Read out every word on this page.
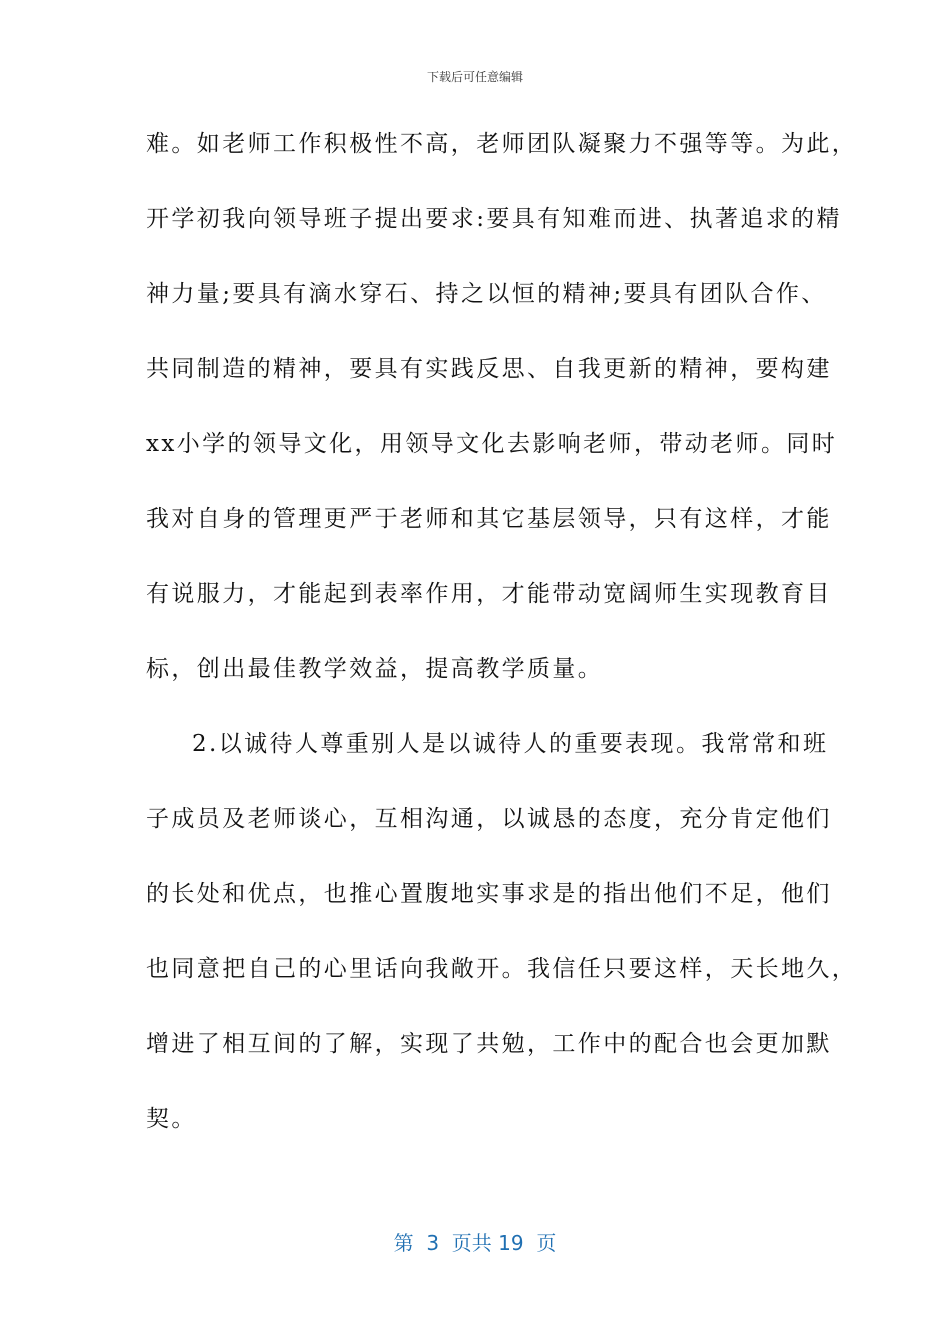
下载后可任意编辑
难。如老师工作积极性不高，老师团队凝聚力不强等等。为此，
开学初我向领导班子提出要求:要具有知难而进、执著追求的精
神力量;要具有滴水穿石、持之以恒的精神;要具有团队合作、
共同制造的精神，要具有实践反思、自我更新的精神，要构建
xx小学的领导文化，用领导文化去影响老师，带动老师。同时
我对自身的管理更严于老师和其它基层领导，只有这样，才能
有说服力，才能起到表率作用，才能带动宽阔师生实现教育目
标，创出最佳教学效益，提高教学质量。
2.以诚待人尊重别人是以诚待人的重要表现。我常常和班
子成员及老师谈心，互相沟通，以诚恳的态度，充分肯定他们
的长处和优点，也推心置腹地实事求是的指出他们不足，他们
也同意把自己的心里话向我敞开。我信任只要这样，天长地久，
增进了相互间的了解，实现了共勉，工作中的配合也会更加默
契。
第  3  页共 19  页
